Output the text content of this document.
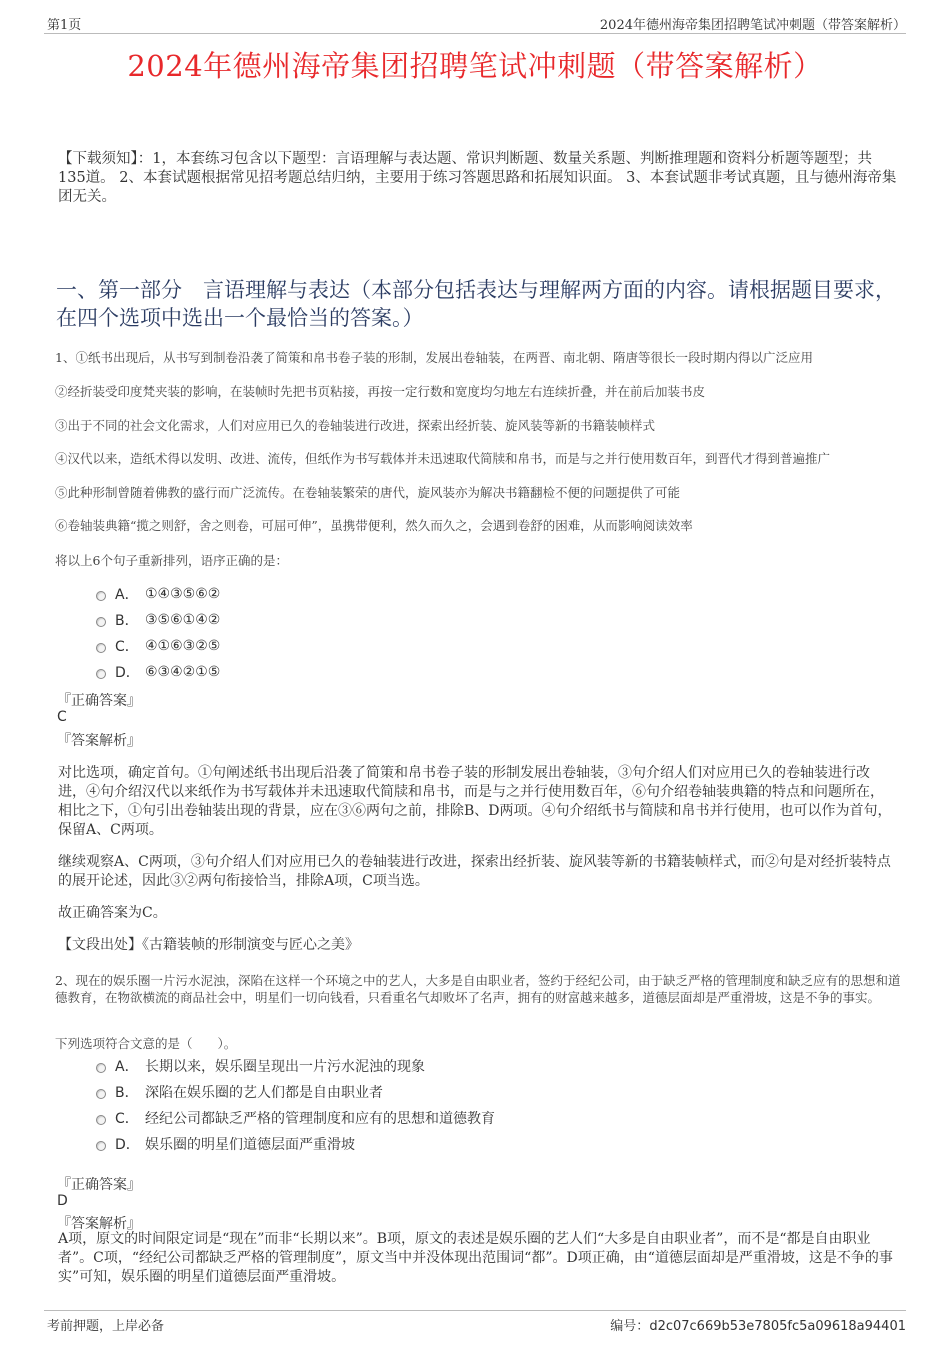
第1页	2024年德州海帝集团招聘笔试冲刺题（带答案解析）
2024年德州海帝集团招聘笔试冲刺题（带答案解析）
【下载须知】：1，本套练习包含以下题型：言语理解与表达题、常识判断题、数量关系题、判断推理题和资料分析题等题型；共135道。 2、本套试题根据常见招考题总结归纳，主要用于练习答题思路和拓展知识面。 3、本套试题非考试真题，且与德州海帝集团无关。
一、第一部分　言语理解与表达（本部分包括表达与理解两方面的内容。请根据题目要求，在四个选项中选出一个最恰当的答案。）
1、①纸书出现后，从书写到制卷沿袭了简策和帛书卷子装的形制，发展出卷轴装，在两晋、南北朝、隋唐等很长一段时期内得以广泛应用
②经折装受印度梵夹装的影响，在装帧时先把书页粘接，再按一定行数和宽度均匀地左右连续折叠，并在前后加装书皮
③出于不同的社会文化需求，人们对应用已久的卷轴装进行改进，探索出经折装、旋风装等新的书籍装帧样式
④汉代以来，造纸术得以发明、改进、流传，但纸作为书写载体并未迅速取代简牍和帛书，而是与之并行使用数百年，到晋代才得到普遍推广
⑤此种形制曾随着佛教的盛行而广泛流传。在卷轴装繁荣的唐代，旋风装亦为解决书籍翻检不便的问题提供了可能
⑥卷轴装典籍“揽之则舒，舍之则卷，可屈可伸”，虽携带便利，然久而久之，会遇到卷舒的困难，从而影响阅读效率
将以上6个句子重新排列，语序正确的是：
A． ①④③⑤⑥②
B． ③⑤⑥①④②
C． ④①⑥③②⑤
D． ⑥③④②①⑤
『正确答案』
C
『答案解析』
对比选项，确定首句。①句阐述纸书出现后沿袭了简策和帛书卷子装的形制发展出卷轴装，③句介绍人们对应用已久的卷轴装进行改进，④句介绍汉代以来纸作为书写载体并未迅速取代简牍和帛书，而是与之并行使用数百年，⑥句介绍卷轴装典籍的特点和问题所在，相比之下，①句引出卷轴装出现的背景，应在③⑥两句之前，排除B、D两项。④句介绍纸书与简牍和帛书并行使用，也可以作为首句，保留A、C两项。
继续观察A、C两项，③句介绍人们对应用已久的卷轴装进行改进，探索出经折装、旋风装等新的书籍装帧样式，而②句是对经折装特点的展开论述，因此③②两句衔接恰当，排除A项，C项当选。
故正确答案为C。
【文段出处】《古籍装帧的形制演变与匠心之美》
2、现在的娱乐圈一片污水泥浊，深陷在这样一个环境之中的艺人，大多是自由职业者，签约于经纪公司，由于缺乏严格的管理制度和缺乏应有的思想和道德教育，在物欲横流的商品社会中，明星们一切向钱看，只看重名气却败坏了名声，拥有的财富越来越多，道德层面却是严重滑坡，这是不争的事实。
下列选项符合文意的是（　　）。
A． 长期以来，娱乐圈呈现出一片污水泥浊的现象
B． 深陷在娱乐圈的艺人们都是自由职业者
C． 经纪公司都缺乏严格的管理制度和应有的思想和道德教育
D． 娱乐圈的明星们道德层面严重滑坡
『正确答案』
D
『答案解析』
A项，原文的时间限定词是“现在”而非“长期以来”。B项，原文的表述是娱乐圈的艺人们“大多是自由职业者”，而不是“都是自由职业者”。C项，“经纪公司都缺乏严格的管理制度”，原文当中并没体现出范围词“都”。D项正确，由“道德层面却是严重滑坡，这是不争的事实”可知，娱乐圈的明星们道德层面严重滑坡。
考前押题，上岸必备	编号：d2c07c669b53e7805fc5a09618a94401
